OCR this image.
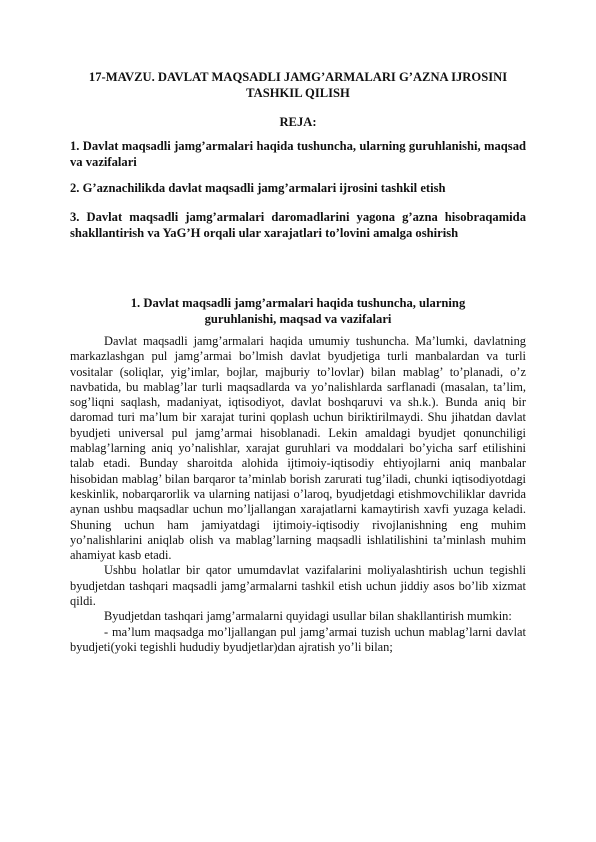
17-MAVZU. DAVLAT MAQSADLI JAMG’ARMALARI G’AZNA IJROSINI TASHKIL QILISH
REJA:
1. Davlat maqsadli jamg’armalari haqida tushuncha, ularning guruhlanishi, maqsad va vazifalari
2. G’aznachilikda davlat maqsadli jamg’armalari ijrosini tashkil etish
3. Davlat maqsadli jamg’armalari daromadlarini yagona g’azna hisobraqamida shakllantirish va YaG’H orqali ular xarajatlari to’lovini amalga oshirish
1. Davlat maqsadli jamg’armalari haqida tushuncha, ularning guruhlanishi, maqsad va vazifalari

Davlat maqsadli jamg’armalari haqida umumiy tushuncha. Ma’lumki, davlatning markazlashgan pul jamg’armai bo’lmish davlat byudjetiga turli manbalardan va turli vositalar (soliqlar, yig’imlar, bojlar, majburiy to’lovlar) bilan mablag’ to’planadi, o’z navbatida, bu mablag’lar turli maqsadlarda va yo’nalishlarda sarflanadi (masalan, ta’lim, sog’liqni saqlash, madaniyat, iqtisodiyot, davlat boshqaruvi va sh.k.). Bunda aniq bir daromad turi ma’lum bir xarajat turini qoplash uchun biriktirilmaydi. Shu jihatdan davlat byudjeti universal pul jamg’armai hisoblanadi. Lekin amaldagi byudjet qonunchiligi mablag’larning aniq yo’nalishlar, xarajat guruhlari va moddalari bo’yicha sarf etilishini talab etadi. Bunday sharoitda alohida ijtimoiy-iqtisodiy ehtiyojlarni aniq manbalar hisobidan mablag’ bilan barqaror ta’minlab borish zarurati tug’iladi, chunki iqtisodiyotdagi keskinlik, nobarqarorlik va ularning natijasi o’laroq, byudjetdagi etishmovchiliklar davrida aynan ushbu maqsadlar uchun mo’ljallangan xarajatlarni kamaytirish xavfi yuzaga keladi. Shuning uchun ham jamiyatdagi ijtimoiy-iqtisodiy rivojlanishning eng muhim yo’nalishlarini aniqlab olish va mablag’larning maqsadli ishlatilishini ta’minlash muhim ahamiyat kasb etadi.

Ushbu holatlar bir qator umumdavlat vazifalarini moliyalashtirish uchun tegishli byudjetdan tashqari maqsadli jamg’armalarni tashkil etish uchun jiddiy asos bo’lib xizmat qildi.

Byudjetdan tashqari jamg’armalarni quyidagi usullar bilan shakllantirish mumkin:

- ma’lum maqsadga mo’ljallangan pul jamg’armai tuzish uchun mablag’larni davlat byudjeti(yoki tegishli hududiy byudjetlar)dan ajratish yo’li bilan;
